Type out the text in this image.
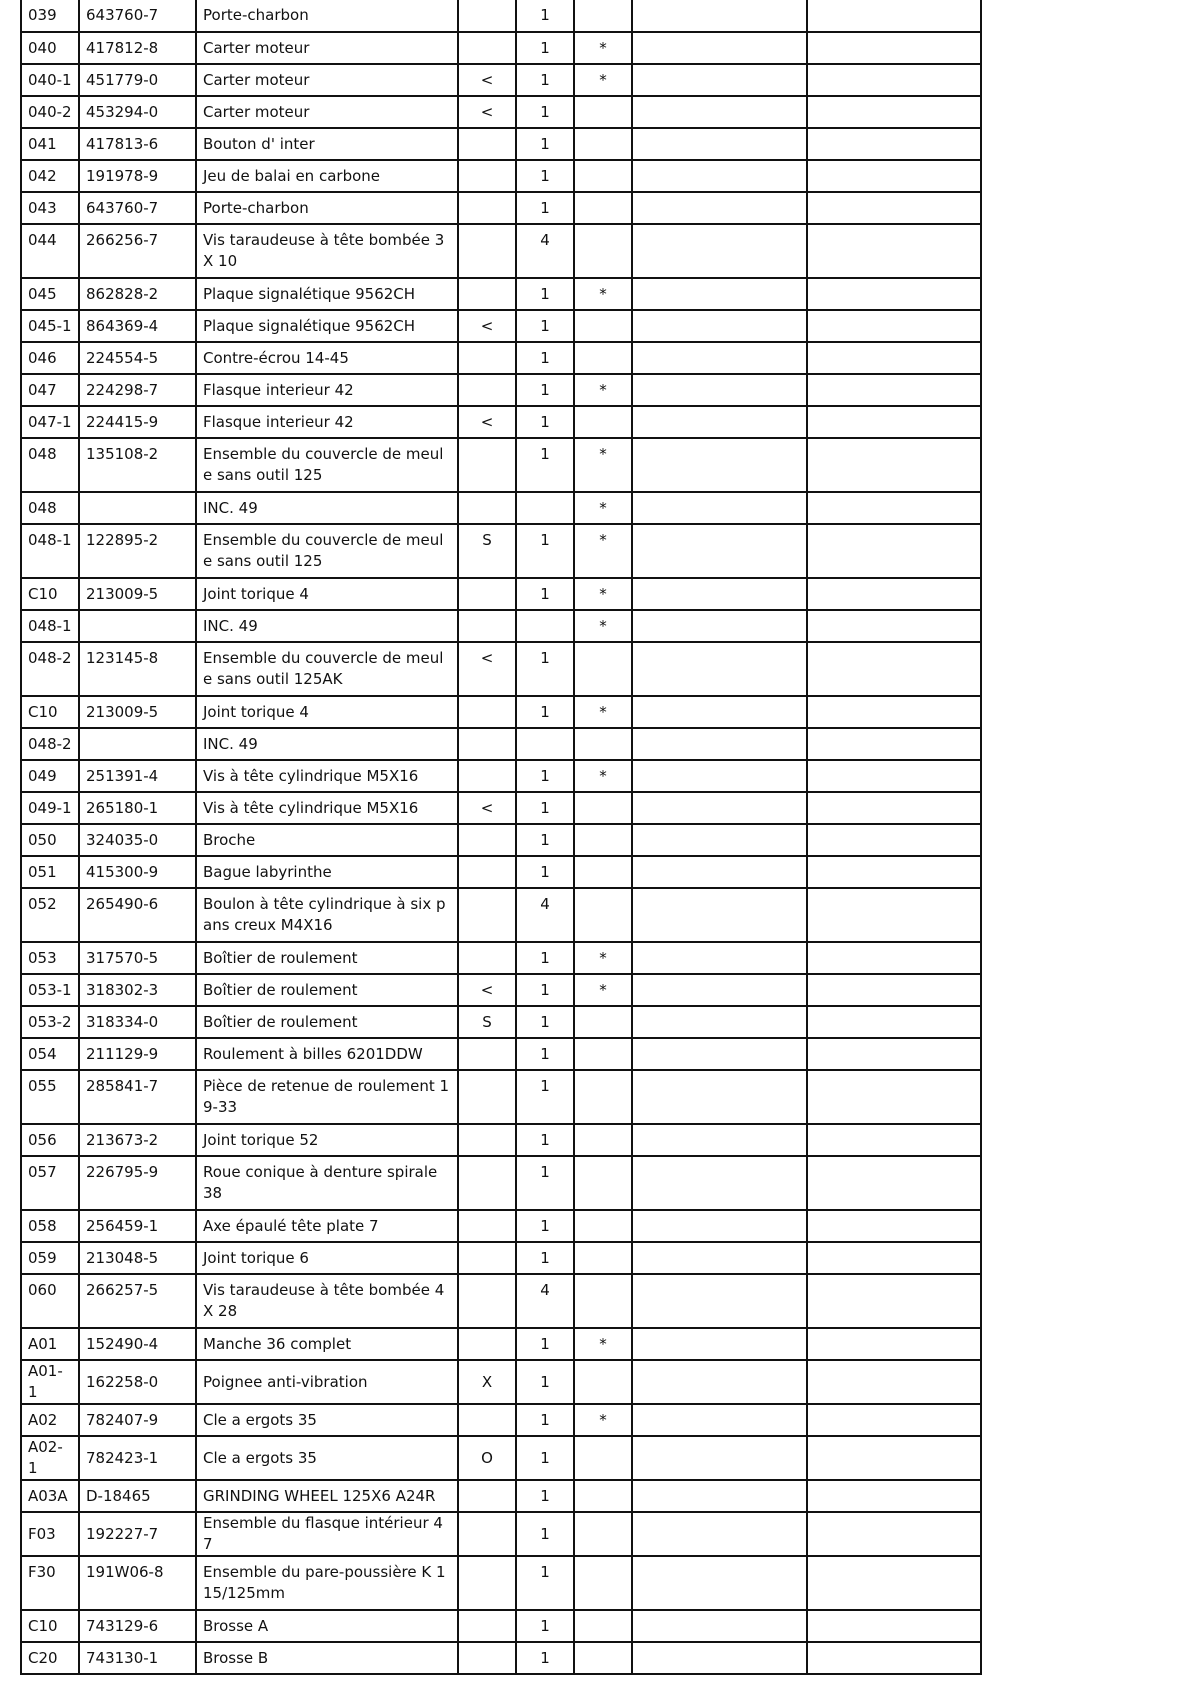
039	643760-7	Porte-charbon		1			
040	417812-8	Carter moteur		1	*		
040-1	451779-0	Carter moteur	<	1	*		
040-2	453294-0	Carter moteur	<	1			
041	417813-6	Bouton d' inter		1			
042	191978-9	Jeu de balai en carbone		1			
043	643760-7	Porte-charbon		1			
044	266256-7	Vis taraudeuse à tête bombée 3X 10		4			
045	862828-2	Plaque signalétique 9562CH		1	*		
045-1	864369-4	Plaque signalétique 9562CH	<	1			
046	224554-5	Contre-écrou 14-45		1			
047	224298-7	Flasque interieur 42		1	*		
047-1	224415-9	Flasque interieur 42	<	1			
048	135108-2	Ensemble du couvercle de meule sans outil 125		1	*		
048		INC. 49			*		
048-1	122895-2	Ensemble du couvercle de meule sans outil 125	S	1	*		
C10	213009-5	Joint torique 4		1	*		
048-1		INC. 49			*		
048-2	123145-8	Ensemble du couvercle de meule sans outil 125AK	<	1			
C10	213009-5	Joint torique 4		1	*		
048-2		INC. 49					
049	251391-4	Vis à tête cylindrique M5X16		1	*		
049-1	265180-1	Vis à tête cylindrique M5X16	<	1			
050	324035-0	Broche		1			
051	415300-9	Bague labyrinthe		1			
052	265490-6	Boulon à tête cylindrique à six pans creux M4X16		4			
053	317570-5	Boîtier de roulement		1	*		
053-1	318302-3	Boîtier de roulement	<	1	*		
053-2	318334-0	Boîtier de roulement	S	1			
054	211129-9	Roulement à billes 6201DDW		1			
055	285841-7	Pièce de retenue de roulement 19-33		1			
056	213673-2	Joint torique 52		1			
057	226795-9	Roue conique à denture spirale 38		1			
058	256459-1	Axe épaulé tête plate 7		1			
059	213048-5	Joint torique 6		1			
060	266257-5	Vis taraudeuse à tête bombée 4X 28		4			
A01	152490-4	Manche 36 complet		1	*		
A01-1	162258-0	Poignee anti-vibration	X	1			
A02	782407-9	Cle a ergots 35		1	*		
A02-1	782423-1	Cle a ergots 35	O	1			
A03A	D-18465	GRINDING WHEEL 125X6 A24R		1			
F03	192227-7	Ensemble du flasque intérieur 47		1			
F30	191W06-8	Ensemble du pare-poussière K 115/125mm		1			
C10	743129-6	Brosse A		1			
C20	743130-1	Brosse B		1			
